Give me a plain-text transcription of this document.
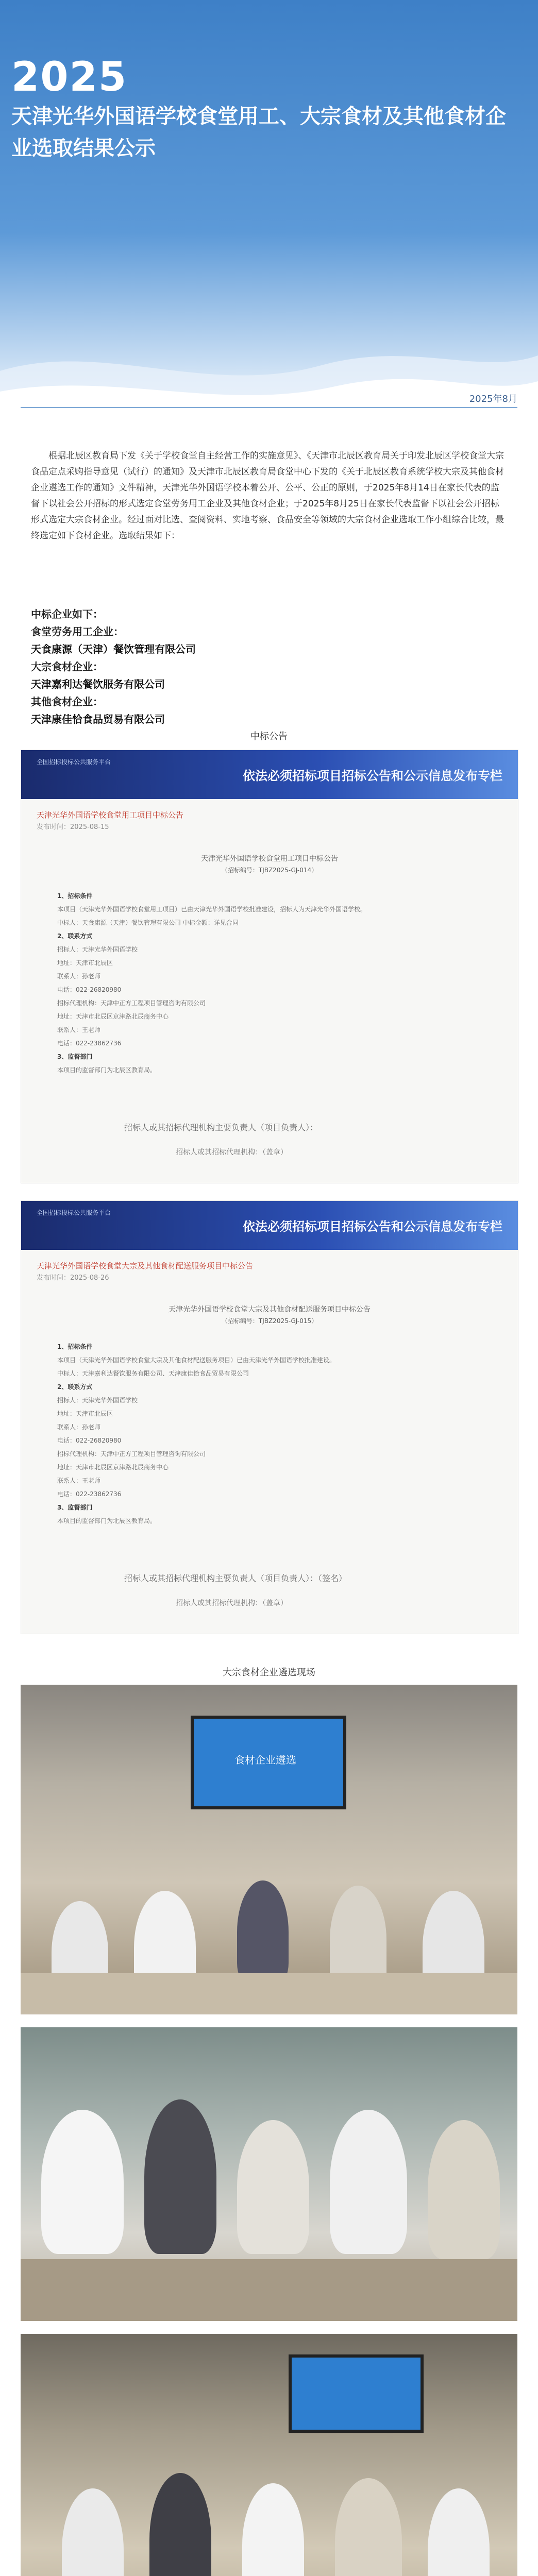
2025
天津光华外国语学校食堂用工、大宗食材及其他食材企业选取结果公示
2025年8月
根据北辰区教育局下发《关于学校食堂自主经营工作的实施意见》、《天津市北辰区教育局关于印发北辰区学校食堂大宗食品定点采购指导意见（试行）的通知》及天津市北辰区教育局食堂中心下发的《关于北辰区教育系统学校大宗及其他食材企业遴选工作的通知》文件精神，天津光华外国语学校本着公开、公平、公正的原则，于2025年8月14日在家长代表的监督下以社会公开招标的形式选定食堂劳务用工企业及其他食材企业；于2025年8月25日在家长代表监督下以社会公开招标形式选定大宗食材企业。经过面对比选、查阅资料、实地考察、食品安全等领域的大宗食材企业选取工作小组综合比较，最终选定如下食材企业。选取结果如下：
中标企业如下：
食堂劳务用工企业：
天食康源（天津）餐饮管理有限公司
大宗食材企业：
天津嘉利达餐饮服务有限公司
其他食材企业：
天津康佳恰食品贸易有限公司
中标公告
全国招标投标公共服务平台
依法必须招标项目招标公告和公示信息发布专栏
天津光华外国语学校食堂用工项目中标公告
发布时间：2025-08-15
天津光华外国语学校食堂用工项目中标公告
（招标编号：TJBZ2025-GJ-014）
1、招标条件
本项目（天津光华外国语学校食堂用工项目）已由天津光华外国语学校批准建设，招标人为天津光华外国语学校。
中标人：天食康源（天津）餐饮管理有限公司 中标金额：详见合同
2、联系方式
招标人：天津光华外国语学校
地址：天津市北辰区
联系人：孙老师
电话：022-26820980
招标代理机构：天津中正方工程项目管理咨询有限公司
地址：天津市北辰区京津路北辰商务中心
联系人：王老师
电话：022-23862736
3、监督部门
本项目的监督部门为北辰区教育局。
招标人或其招标代理机构主要负责人（项目负责人）：
招标人或其招标代理机构：（盖章）
全国招标投标公共服务平台
依法必须招标项目招标公告和公示信息发布专栏
天津光华外国语学校食堂大宗及其他食材配送服务项目中标公告
发布时间：2025-08-26
天津光华外国语学校食堂大宗及其他食材配送服务项目中标公告
（招标编号：TJBZ2025-GJ-015）
1、招标条件
本项目（天津光华外国语学校食堂大宗及其他食材配送服务项目）已由天津光华外国语学校批准建设。
中标人：天津嘉利达餐饮服务有限公司、天津康佳恰食品贸易有限公司
2、联系方式
招标人：天津光华外国语学校
地址：天津市北辰区
联系人：孙老师
电话：022-26820980
招标代理机构：天津中正方工程项目管理咨询有限公司
地址：天津市北辰区京津路北辰商务中心
联系人：王老师
电话：022-23862736
3、监督部门
本项目的监督部门为北辰区教育局。
招标人或其招标代理机构主要负责人（项目负责人）：（签名）
招标人或其招标代理机构：（盖章）
大宗食材企业遴选现场
食材企业遴选
